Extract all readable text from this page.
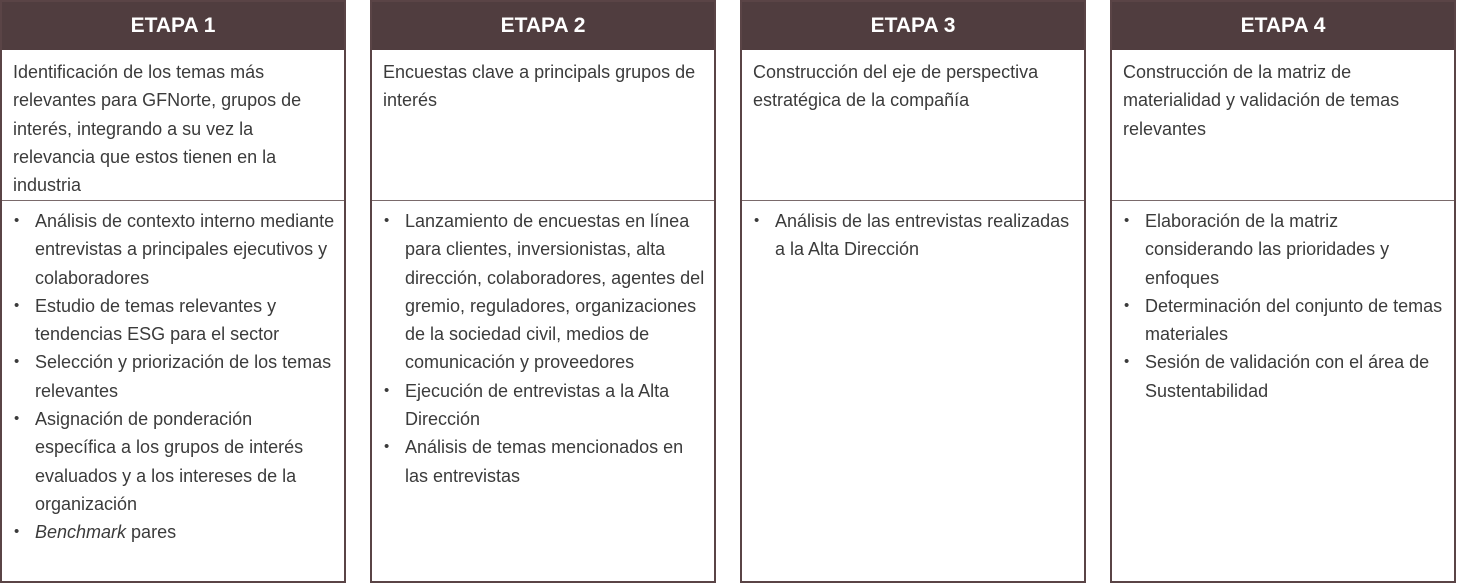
ETAPA 1
Identificación de los temas más relevantes para GFNorte, grupos de interés, integrando a su vez la relevancia que estos tienen en la industria
• Análisis de contexto interno mediante entrevistas a principales ejecutivos y colaboradores
• Estudio de temas relevantes y tendencias ESG para el sector
• Selección y priorización de los temas relevantes
• Asignación de ponderación específica a los grupos de interés evaluados y a los intereses de la organización
• Benchmark pares
ETAPA 2
Encuestas clave a principals grupos de interés
• Lanzamiento de encuestas en línea para clientes, inversionistas, alta dirección, colaboradores, agentes del gremio, reguladores, organizaciones de la sociedad civil, medios de comunicación y proveedores
• Ejecución de entrevistas a la Alta Dirección
• Análisis de temas mencionados en las entrevistas
ETAPA 3
Construcción del eje de perspectiva estratégica de la compañía
• Análisis de las entrevistas realizadas a la Alta Dirección
ETAPA 4
Construcción de la matriz de materialidad y validación de temas relevantes
• Elaboración de la matriz considerando las prioridades y enfoques
• Determinación del conjunto de temas materiales
• Sesión de validación con el área de Sustentabilidad
